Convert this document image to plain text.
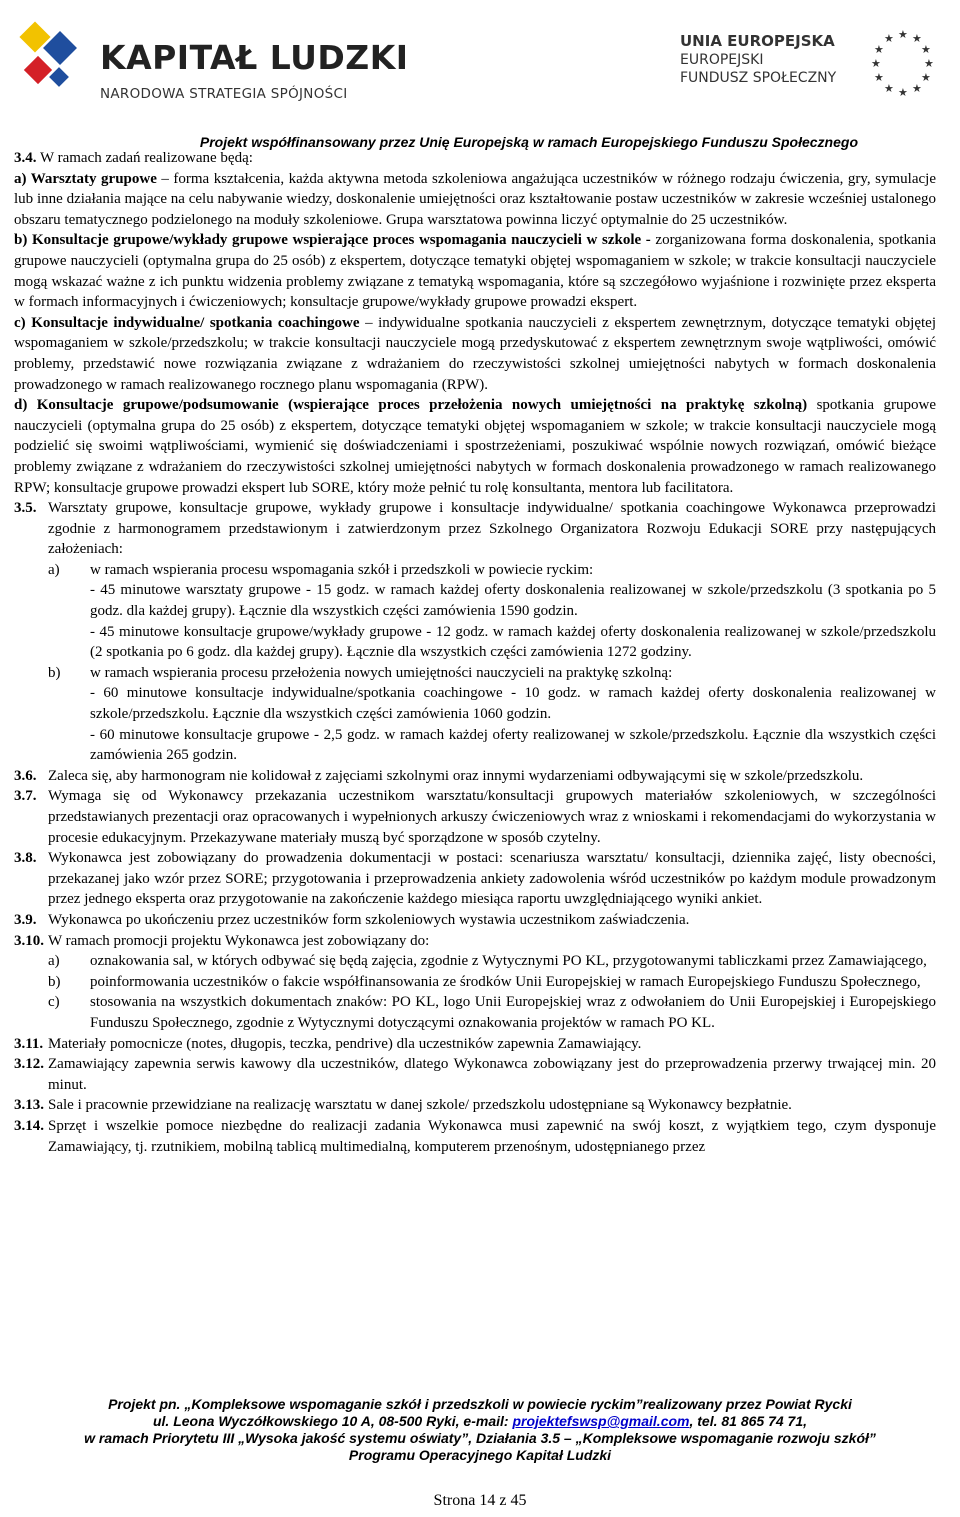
KAPITAŁ LUDZKI
NARODOWA STRATEGIA SPÓJNOŚCI
UNIA EUROPEJSKA
EUROPEJSKI
FUNDUSZ SPOŁECZNY
★ ★
★
★
★
★
★
★
★
★
★
★
Projekt współfinansowany przez Unię Europejską w ramach Europejskiego Funduszu Społecznego

3.4. W ramach zadań realizowane będą:

a) Warsztaty grupowe – forma kształcenia, każda aktywna metoda szkoleniowa angażująca uczestników w różnego rodzaju ćwiczenia, gry, symulacje lub inne działania mające na celu nabywanie wiedzy, doskonalenie umiejętności oraz kształtowanie postaw uczestników w zakresie wcześniej ustalonego obszaru tematycznego podzielonego na moduły szkoleniowe. Grupa warsztatowa powinna liczyć optymalnie do 25 uczestników.

b) Konsultacje grupowe/wykłady grupowe wspierające proces wspomagania nauczycieli w szkole - zorganizowana forma doskonalenia, spotkania grupowe nauczycieli (optymalna grupa do 25 osób) z ekspertem, dotyczące tematyki objętej wspomaganiem w szkole; w trakcie konsultacji nauczyciele mogą wskazać ważne z ich punktu widzenia problemy związane z tematyką wspomagania, które są szczegółowo wyjaśnione i rozwinięte przez eksperta w formach informacyjnych i ćwiczeniowych; konsultacje grupowe/wykłady grupowe prowadzi ekspert.

c) Konsultacje indywidualne/ spotkania coachingowe – indywidualne spotkania nauczycieli z ekspertem zewnętrznym, dotyczące tematyki objętej wspomaganiem w szkole/przedszkolu; w trakcie konsultacji nauczyciele mogą przedyskutować z ekspertem zewnętrznym swoje wątpliwości, omówić problemy, przedstawić nowe rozwiązania związane z wdrażaniem do rzeczywistości szkolnej umiejętności nabytych w formach doskonalenia prowadzonego w ramach realizowanego rocznego planu wspomagania (RPW).

d) Konsultacje grupowe/podsumowanie (wspierające proces przełożenia nowych umiejętności na praktykę szkolną) spotkania grupowe nauczycieli (optymalna grupa do 25 osób) z ekspertem, dotyczące tematyki objętej wspomaganiem w szkole; w trakcie konsultacji nauczyciele mogą podzielić się swoimi wątpliwościami, wymienić się doświadczeniami i spostrzeżeniami, poszukiwać wspólnie nowych rozwiązań, omówić bieżące problemy związane z wdrażaniem do rzeczywistości szkolnej umiejętności nabytych w formach doskonalenia prowadzonego w ramach realizowanego RPW; konsultacje grupowe prowadzi ekspert lub SORE, który może pełnić tu rolę konsultanta, mentora lub facilitatora.

3.5. Warsztaty grupowe, konsultacje grupowe, wykłady grupowe i konsultacje indywidualne/ spotkania coachingowe Wykonawca przeprowadzi zgodnie z harmonogramem przedstawionym i zatwierdzonym przez Szkolnego Organizatora Rozwoju Edukacji SORE przy następujących założeniach:
a)	w ramach wspierania procesu wspomagania szkół i przedszkoli w powiecie ryckim:
- 45 minutowe warsztaty grupowe - 15 godz. w ramach każdej oferty doskonalenia realizowanej w szkole/przedszkolu (3 spotkania po 5 godz. dla każdej grupy). Łącznie dla wszystkich części zamówienia 1590 godzin.
- 45 minutowe konsultacje grupowe/wykłady grupowe - 12 godz. w ramach każdej oferty doskonalenia realizowanej w szkole/przedszkolu (2 spotkania po 6 godz. dla każdej grupy). Łącznie dla wszystkich części zamówienia 1272 godziny.
b)	w ramach wspierania procesu przełożenia nowych umiejętności nauczycieli na praktykę szkolną:
- 60 minutowe konsultacje indywidualne/spotkania coachingowe - 10 godz. w ramach każdej oferty doskonalenia realizowanej w szkole/przedszkolu. Łącznie dla wszystkich części zamówienia 1060 godzin.
- 60 minutowe konsultacje grupowe - 2,5 godz. w ramach każdej oferty realizowanej w szkole/przedszkolu. Łącznie dla wszystkich części zamówienia 265 godzin.
3.6. Zaleca się, aby harmonogram nie kolidował z zajęciami szkolnymi oraz innymi wydarzeniami odbywającymi się w szkole/przedszkolu.
3.7. Wymaga się od Wykonawcy przekazania uczestnikom warsztatu/konsultacji grupowych materiałów szkoleniowych, w szczególności przedstawianych prezentacji oraz opracowanych i wypełnionych arkuszy ćwiczeniowych wraz z wnioskami i rekomendacjami do wykorzystania w procesie edukacyjnym. Przekazywane materiały muszą być sporządzone w sposób czytelny.
3.8. Wykonawca jest zobowiązany do prowadzenia dokumentacji w postaci: scenariusza warsztatu/ konsultacji, dziennika zajęć, listy obecności, przekazanej jako wzór przez SORE; przygotowania i przeprowadzenia ankiety zadowolenia wśród uczestników po każdym module prowadzonym przez jednego eksperta oraz przygotowanie na zakończenie każdego miesiąca raportu uwzględniającego wyniki ankiet.
3.9. Wykonawca po ukończeniu przez uczestników form szkoleniowych wystawia uczestnikom zaświadczenia.
3.10. W ramach promocji projektu Wykonawca jest zobowiązany do:
a)	oznakowania sal, w których odbywać się będą zajęcia, zgodnie z Wytycznymi PO KL, przygotowanymi tabliczkami przez Zamawiającego,
b)	poinformowania uczestników o fakcie współfinansowania ze środków Unii Europejskiej w ramach Europejskiego Funduszu Społecznego,
c)	stosowania na wszystkich dokumentach znaków: PO KL, logo Unii Europejskiej wraz z odwołaniem do Unii Europejskiej i Europejskiego Funduszu Społecznego, zgodnie z Wytycznymi dotyczącymi oznakowania projektów w ramach PO KL.
3.11. Materiały pomocnicze (notes, długopis, teczka, pendrive) dla uczestników zapewnia Zamawiający.
3.12. Zamawiający zapewnia serwis kawowy dla uczestników, dlatego Wykonawca zobowiązany jest do przeprowadzenia przerwy trwającej min. 20 minut.
3.13. Sale i pracownie przewidziane na realizację warsztatu w danej szkole/ przedszkolu udostępniane są Wykonawcy bezpłatnie.
3.14. Sprzęt i wszelkie pomoce niezbędne do realizacji zadania Wykonawca musi zapewnić na swój koszt, z wyjątkiem tego, czym dysponuje Zamawiający, tj. rzutnikiem, mobilną tablicą multimedialną, komputerem przenośnym, udostępnianego przez
Projekt pn. „Kompleksowe wspomaganie szkół i przedszkoli w powiecie ryckim”realizowany przez Powiat Rycki
ul. Leona Wyczółkowskiego 10 A, 08-500 Ryki, e-mail: projektefswsp@gmail.com, tel. 81 865 74 71,
w ramach Priorytetu III „Wysoka jakość systemu oświaty”, Działania 3.5 – „Kompleksowe wspomaganie rozwoju szkół”
Programu Operacyjnego Kapitał Ludzki
Strona 14 z 45
